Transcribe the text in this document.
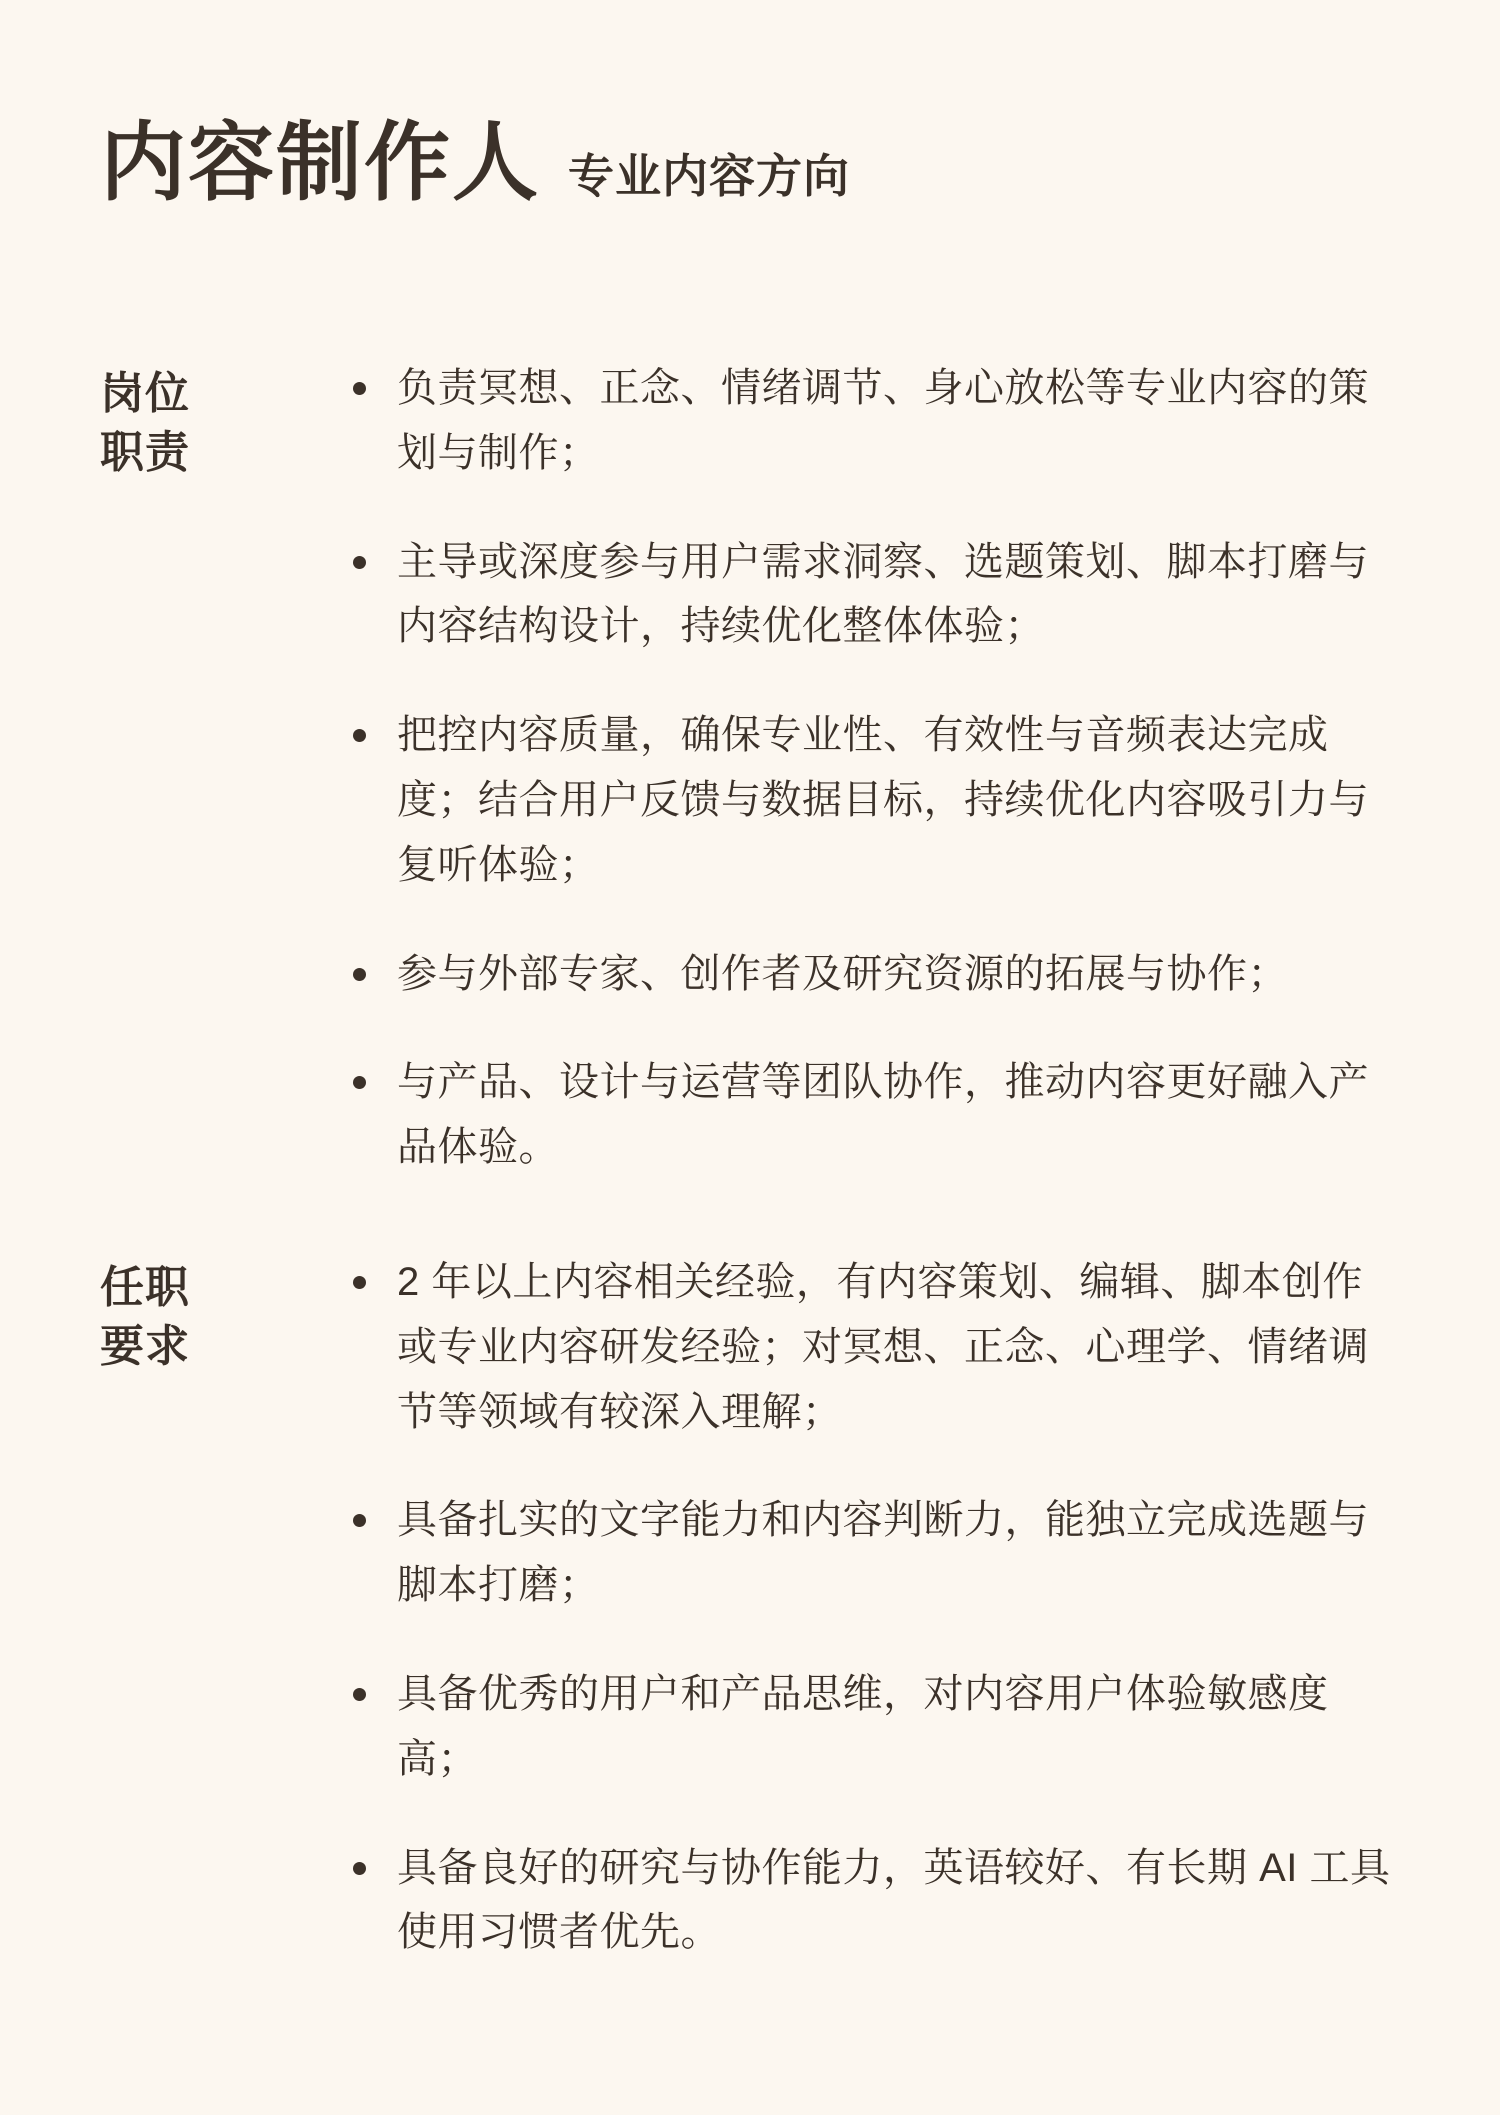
内容制作人 专业内容方向
岗位
职责
负责冥想、正念、情绪调节、身心放松等专业内容的策划与制作；
主导或深度参与用户需求洞察、选题策划、脚本打磨与内容结构设计，持续优化整体体验；
把控内容质量，确保专业性、有效性与音频表达完成度；结合用户反馈与数据目标，持续优化内容吸引力与复听体验；
参与外部专家、创作者及研究资源的拓展与协作；
与产品、设计与运营等团队协作，推动内容更好融入产品体验。
任职
要求
2 年以上内容相关经验，有内容策划、编辑、脚本创作或专业内容研发经验；对冥想、正念、心理学、情绪调节等领域有较深入理解；
具备扎实的文字能力和内容判断力，能独立完成选题与脚本打磨；
具备优秀的用户和产品思维，对内容用户体验敏感度高；
具备良好的研究与协作能力，英语较好、有长期 AI 工具使用习惯者优先。
